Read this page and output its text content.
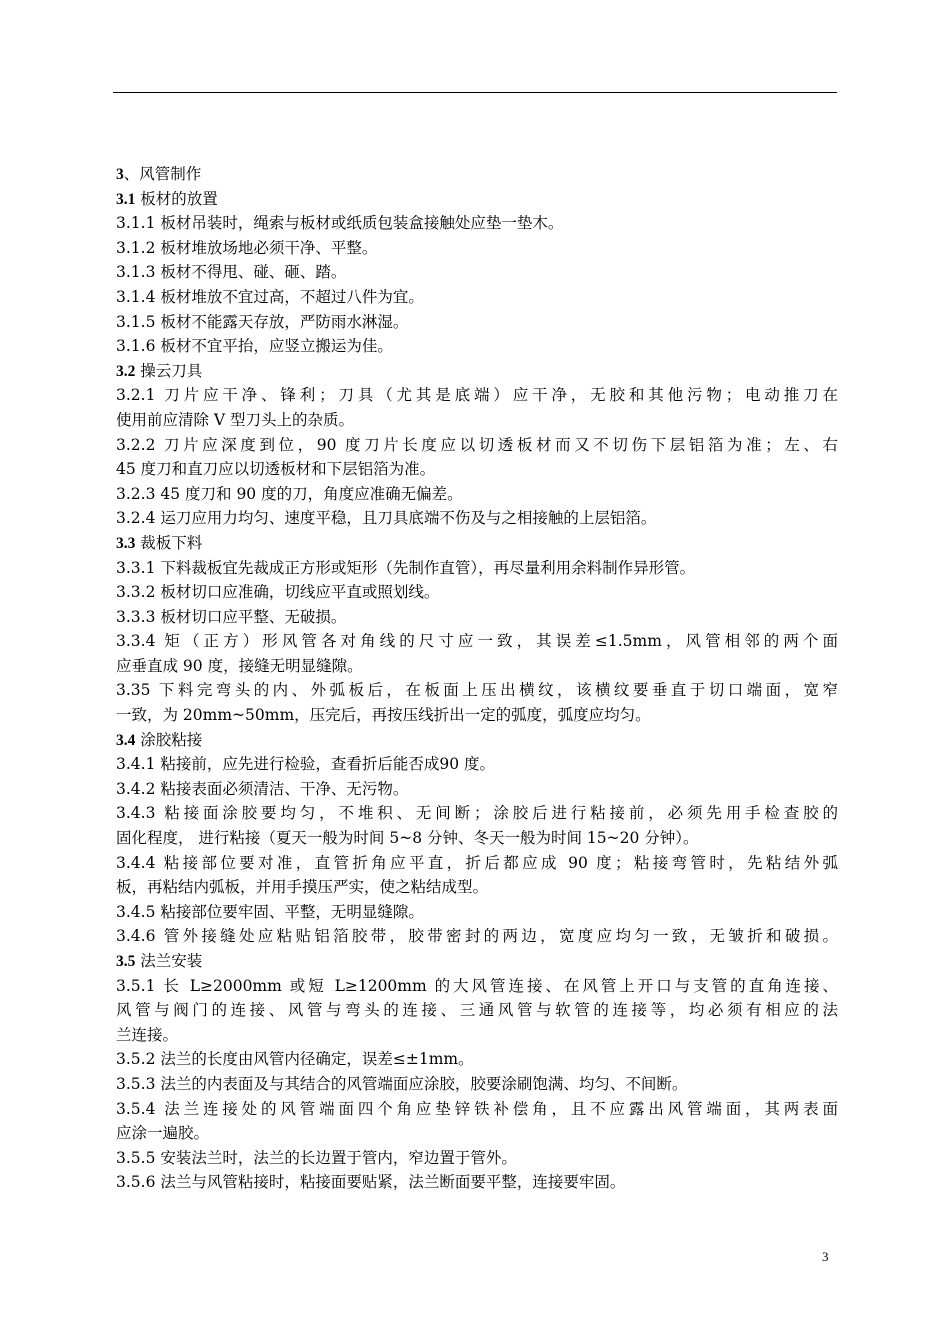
3、风管制作
3.1 板材的放置
3.1.1 板材吊装时，绳索与板材或纸质包装盒接触处应垫一垫木。
3.1.2 板材堆放场地必须干净、平整。
3.1.3 板材不得甩、碰、砸、踏。
3.1.4 板材堆放不宜过高，不超过八件为宜。
3.1.5 板材不能露天存放，严防雨水淋湿。
3.1.6 板材不宜平抬，应竖立搬运为佳。
3.2 操云刀具
3.2.1 刀片应干净、锋利；刀具（尤其是底端）应干净，无胶和其他污物；电动推刀在
使用前应清除 V 型刀头上的杂质。
3.2.2 刀片应深度到位，90 度刀片长度应以切透板材而又不切伤下层铝箔为准；左、右
45 度刀和直刀应以切透板材和下层铝箔为准。
3.2.3 45 度刀和 90 度的刀，角度应准确无偏差。
3.2.4 运刀应用力均匀、速度平稳，且刀具底端不伤及与之相接触的上层铝箔。
3.3 裁板下料
3.3.1 下料裁板宜先裁成正方形或矩形（先制作直管），再尽量利用余料制作异形管。
3.3.2 板材切口应准确，切线应平直或照划线。
3.3.3 板材切口应平整、无破损。
3.3.4 矩（正方）形风管各对角线的尺寸应一致，其误差≤1.5mm，风管相邻的两个面
应垂直成 90 度，接缝无明显缝隙。
3.35 下料完弯头的内、外弧板后，在板面上压出横纹，该横纹要垂直于切口端面，宽窄
一致，为 20mm~50mm，压完后，再按压线折出一定的弧度，弧度应均匀。
3.4 涂胶粘接
3.4.1 粘接前，应先进行检验，查看折后能否成90 度。
3.4.2 粘接表面必须清洁、干净、无污物。
3.4.3 粘接面涂胶要均匀，不堆积、无间断；涂胶后进行粘接前，必须先用手检查胶的
固化程度， 进行粘接（夏天一般为时间 5~8 分钟、冬天一般为时间 15~20 分钟）。
3.4.4 粘接部位要对准，直管折角应平直，折后都应成 90 度；粘接弯管时，先粘结外弧
板，再粘结内弧板，并用手摸压严实，使之粘结成型。
3.4.5 粘接部位要牢固、平整，无明显缝隙。
3.4.6 管外接缝处应粘贴铝箔胶带，胶带密封的两边，宽度应均匀一致，无皱折和破损。
3.5 法兰安装
3.5.1 长 L≥2000mm 或短 L≥1200mm 的大风管连接、在风管上开口与支管的直角连接、
风管与阀门的连接、风管与弯头的连接、三通风管与软管的连接等，均必须有相应的法
兰连接。
3.5.2 法兰的长度由风管内径确定，误差≤±1mm。
3.5.3 法兰的内表面及与其结合的风管端面应涂胶，胶要涂刷饱满、均匀、不间断。
3.5.4 法兰连接处的风管端面四个角应垫锌铁补偿角，且不应露出风管端面，其两表面
应涂一遍胶。
3.5.5 安装法兰时，法兰的长边置于管内，窄边置于管外。
3.5.6 法兰与风管粘接时，粘接面要贴紧，法兰断面要平整，连接要牢固。
3
